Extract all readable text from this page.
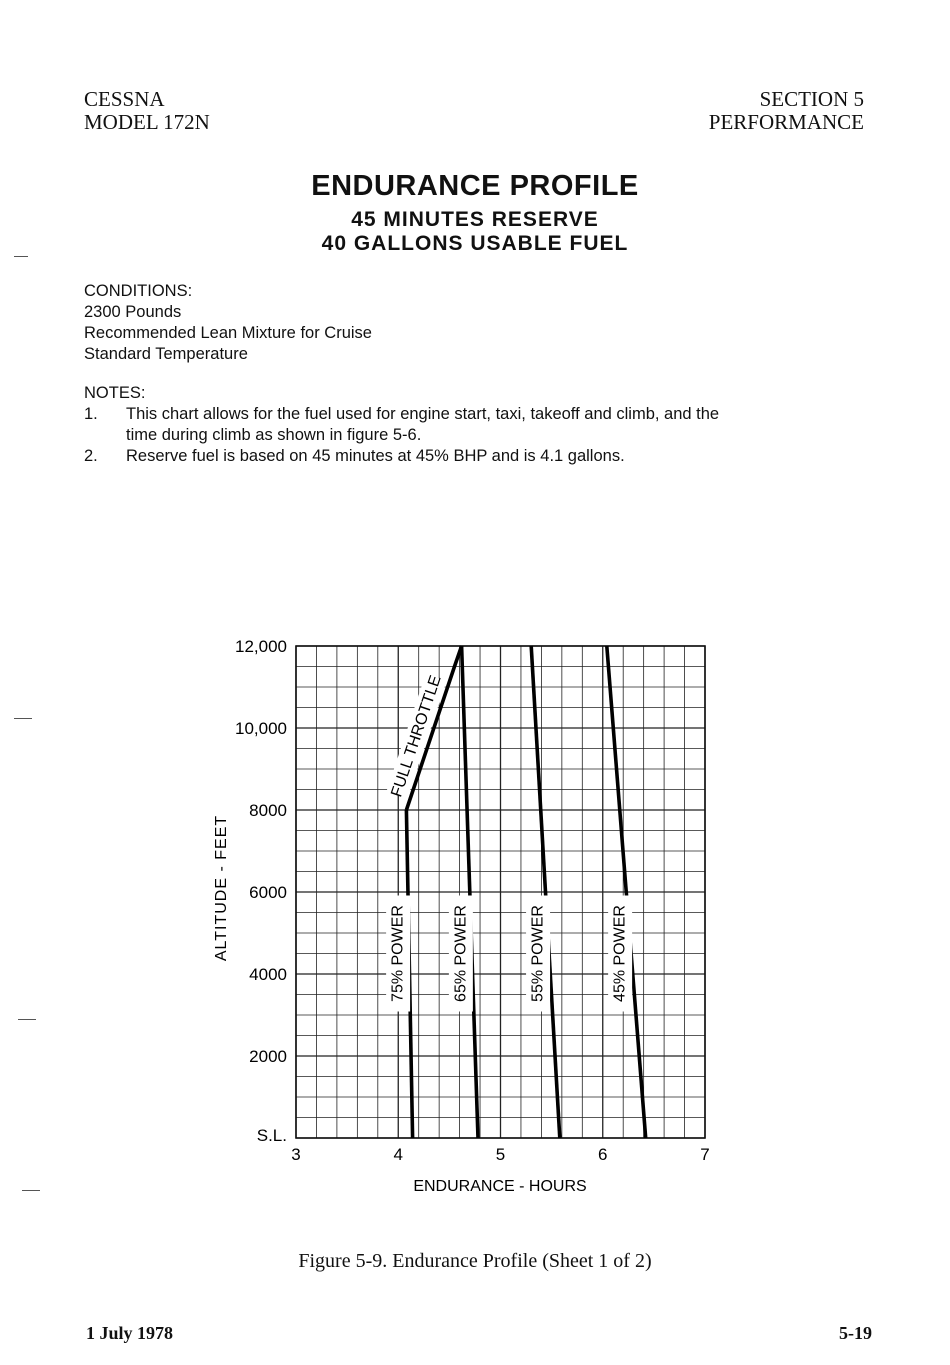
CESSNA
MODEL 172N
SECTION 5
PERFORMANCE
ENDURANCE PROFILE
45 MINUTES RESERVE
40 GALLONS USABLE FUEL
CONDITIONS:
2300 Pounds
Recommended Lean Mixture for Cruise
Standard Temperature
NOTES:
1.	This chart allows for the fuel used for engine start, taxi, takeoff and climb, and the
time during climb as shown in figure 5-6.
2.	Reserve fuel is based on 45 minutes at 45% BHP and is 4.1 gallons.
3	4	5	6	7
12,000
10,000
8000
6000
4000
2000
S.L.
75% POWER	65% POWER	55% POWER	45% POWER
FULL THROTTLE
ALTITUDE - FEET
ENDURANCE - HOURS
Figure 5-9. Endurance Profile (Sheet 1 of 2)
1 July 1978	5-19
